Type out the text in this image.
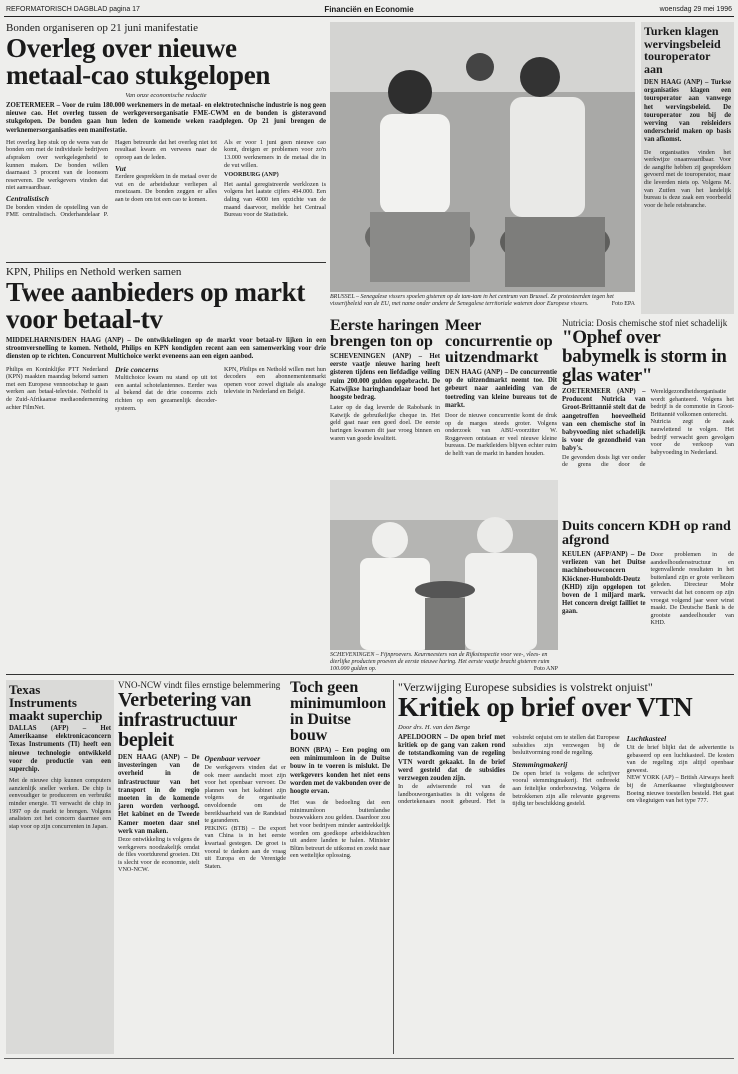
REFORMATORISCH DAGBLAD pagina 17	Financiën en Economie	woensdag 29 mei 1996

Bonden organiseren op 21 juni manifestatie

Overleg over nieuwe metaal-cao stukgelopen

Van onze economische redactie

ZOETERMEER – Voor de ruim 180.000 werknemers in de metaal- en elektrotechnische industrie is nog geen nieuwe cao. Het overleg tussen de werkgeversorganisatie FME-CWM en de bonden is gisteravond stukgelopen. De bonden gaan hun leden de komende weken raadplegen. Op 21 juni brengen de werknemersorganisaties een manifestatie.

Het overleg liep stuk op de wens van de bonden om met de individuele bedrijven afspraken over werkgelegenheid te kunnen maken. De bonden willen daarnaast 3 procent van de loonsom reserveren. De werkgevers vinden dat niet aanvaardbaar.

Centralistisch

De bonden vinden de opstelling van de FME centralistisch. Onderhandelaar P. Hagen betreurde dat het overleg niet tot resultaat kwam en verwees naar de oproep aan de leden.

Vut

Eerdere gesprekken in de metaal over de vut en de arbeidsduur verliepen al moeizaam. De bonden zeggen er alles aan te doen om tot een cao te komen.

Als er voor 1 juni geen nieuwe cao komt, dreigen er problemen voor zo'n 13.000 werknemers in de metaal die in de vut willen.

VOORBURG (ANP)

Het aantal geregistreerde werklozen is volgens het laatste cijfers 494.000. Een daling van 4000 ten opzichte van de maand daarvoor, meldde het Centraal Bureau voor de Statistiek.

BRUSSEL – Senegalese vissers spoelen gisteren op de tam-tam in het centrum van Brussel. Ze protesteerden tegen het visserijbeleid van de EU, met name onder andere de Senegalese territoriale wateren door Europese vissers.	Foto EPA
Turken klagen wervingsbeleid touroperator aan

DEN HAAG (ANP) – Turkse organisaties klagen een touroperator aan vanwege het wervingsbeleid. De touroperator zou bij de werving van reisleiders onderscheid maken op basis van afkomst.

De organisaties vinden het werkwijze onaanvaardbaar. Voor de aangifte hebben zij gesprekken gevoerd met de touroperator, maar die leverden niets op. Volgens M. van Zutfen van het landelijk bureau is deze zaak een voorbeeld voor de hele reisbranche.

KPN, Philips en Nethold werken samen

Twee aanbieders op markt voor betaal-tv

MIDDELHARNIS/DEN HAAG (ANP) – De ontwikkelingen op de markt voor betaal-tv lijken in een stroomversnelling te komen. Nethold, Philips en KPN kondigden recent aan een samenwerking voor drie diensten op te richten. Concurrent Multichoice werkt eveneens aan een eigen aanbod.

Philips en Koninklijke PTT Nederland (KPN) maakten maandag bekend samen met een Europese vennootschap te gaan werken aan betaal-televisie. Nethold is de Zuid-Afrikaanse mediaonderneming achter FilmNet.

Drie concerns

Multichoice kwam nu stand op uit tot een aantal schotelantennes. Eerder was al bekend dat de drie concerns zich richten op een gezamenlijk decoder-systeem.

KPN, Philips en Nethold willen met hun decoders een abonnementenmarkt openen voor zowel digitale als analoge televisie in Nederland en België.

Eerste haringen brengen ton op

SCHEVENINGEN (ANP) – Het eerste vaatje nieuwe haring heeft gisteren tijdens een liefdadige veiling ruim 200.000 gulden opgebracht. De Katwijkse haringhandelaar bood het hoogste bedrag.

Later op de dag leverde de Rabobank in Katwijk de gebruikelijke cheque in. Het geld gaat naar een goed doel. De eerste haringen kwamen dit jaar vroeg binnen en waren van goede kwaliteit.

Meer concurrentie op uitzendmarkt

DEN HAAG (ANP) – De concurrentie op de uitzendmarkt neemt toe. Dit gebeurt naar aanleiding van de toetreding van kleine bureaus tot de markt.

Door de nieuwe concurrentie komt de druk op de marges steeds groter. Volgens onderzoek van ABU-voorzitter W. Roggeveen ontstaan er veel nieuwe kleine bureaus. De marktleiders blijven echter ruim de helft van de markt in handen houden.

Nutricia: Dosis chemische stof niet schadelijk

"Ophef over babymelk is storm in glas water"

ZOETERMEER (ANP) – Producent Nutricia van Groot-Brittannië stelt dat de aangetroffen hoeveelheid van een chemische stof in babyvoeding niet schadelijk is voor de gezondheid van baby's.

De gevonden dosis ligt ver onder de grens die door de Wereldgezondheidsorganisatie wordt gehanteerd. Volgens het bedrijf is de commotie in Groot-Brittannië volkomen onterecht.

Nutricia zegt de zaak nauwlettend te volgen. Het bedrijf verwacht geen gevolgen voor de verkoop van babyvoeding in Nederland.

SCHEVENINGEN – Fijnproevers. Keurmeesters van de Rijksinspectie voor vee-, vlees- en dierlijke producten proeven de eerste nieuwe haring. Het eerste vaatje bracht gisteren ruim 100.000 gulden op.	Foto ANP
Duits concern KDH op rand afgrond

KEULEN (AFP/ANP) – De verliezen van het Duitse machinebouwconcern Klöckner-Humboldt-Deutz (KHD) zijn opgelopen tot boven de 1 miljard mark. Het concern dreigt failliet te gaan.

Door problemen in de aandeelhoudersstructuur en tegenvallende resultaten in het buitenland zijn er grote verliezen geleden. Directeur Mohr verwacht dat het concern op zijn vroegst volgend jaar weer winst maakt. De Deutsche Bank is de grootste aandeelhouder van KHD.

Texas Instruments maakt superchip

DALLAS (AFP) – Het Amerikaanse elektronicaconcern Texas Instruments (TI) heeft een nieuwe technologie ontwikkeld voor de productie van een superchip.

Met de nieuwe chip kunnen computers aanzienlijk sneller werken. De chip is eenvoudiger te produceren en verbruikt minder energie. TI verwacht de chip in 1997 op de markt te brengen. Volgens analisten zet het concern daarmee een stap voor op zijn concurrenten in Japan.

VNO-NCW vindt files ernstige belemmering

Verbetering van infrastructuur bepleit

DEN HAAG (ANP) – De investeringen van de overheid in de infrastructuur van het transport in de regio moeten in de komende jaren worden verhoogd. Het kabinet en de Tweede Kamer moeten daar snel werk van maken.

Deze ontwikkeling is volgens de werkgevers noodzakelijk omdat de files voortdurend groeien. Dit is slecht voor de economie, stelt VNO-NCW.

Openbaar vervoer

De werkgevers vinden dat er ook meer aandacht moet zijn voor het openbaar vervoer. De plannen van het kabinet zijn volgens de organisatie onvoldoende om de bereikbaarheid van de Randstad te garanderen.

PEKING (BTB) – De export van China is in het eerste kwartaal gestegen. De groei is vooral te danken aan de vraag uit Europa en de Verenigde Staten.

Toch geen minimumloon in Duitse bouw

BONN (BPA) – Een poging om een minimumloon in de Duitse bouw in te voeren is mislukt. De werkgevers konden het niet eens worden met de vakbonden over de hoogte ervan.

Het was de bedoeling dat een minimumloon buitenlandse bouwvakkers zou gelden. Daardoor zou het voor bedrijven minder aantrekkelijk worden om goedkope arbeidskrachten uit andere landen te halen. Minister Blüm betreurt de uitkomst en zoekt naar een wettelijke oplossing.

"Verzwijging Europese subsidies is volstrekt onjuist"

Kritiek op brief over VTN

Door drs. H. van den Berge

APELDOORN – De open brief met kritiek op de gang van zaken rond de totstandkoming van de regeling VTN wordt gekaakt. In de brief werd gesteld dat de subsidies verzwegen zouden zijn.

In de adviserende rol van de landbouworganisaties is dit volgens de ondertekenaars nooit gebeurd. Het is volstrekt onjuist om te stellen dat Europese subsidies zijn verzwegen bij de besluitvorming rond de regeling.

Stemmingmakerij

De open brief is volgens de schrijver vooral stemmingmakerij. Het ontbreekt aan feitelijke onderbouwing. Volgens de betrokkenen zijn alle relevante gegevens tijdig ter beschikking gesteld.

Luchtkasteel

Uit de brief blijkt dat de advertentie is gebaseerd op een luchtkasteel. De kosten van de regeling zijn altijd openbaar geweest.

NEW YORK (AP) – British Airways heeft bij de Amerikaanse vliegtuigbouwer Boeing nieuwe toestellen besteld. Het gaat om vliegtuigen van het type 777.
